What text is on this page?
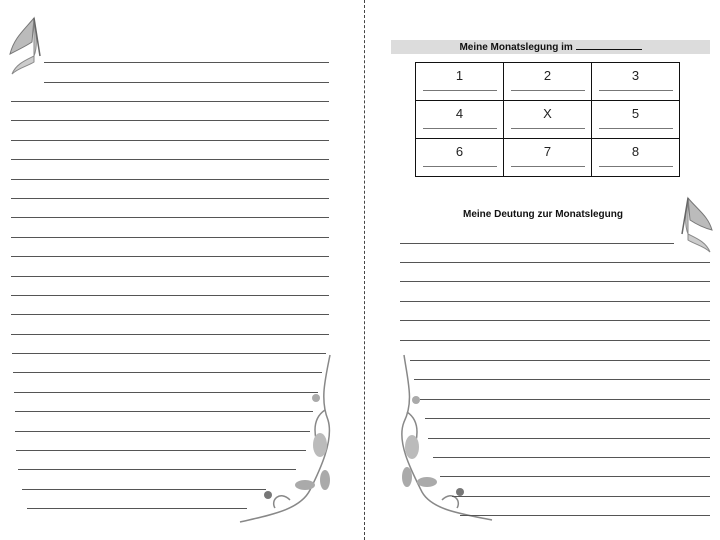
Meine Monatslegung im
1	2	3

4	X	5

6	7	8
Meine Deutung zur Monatslegung
